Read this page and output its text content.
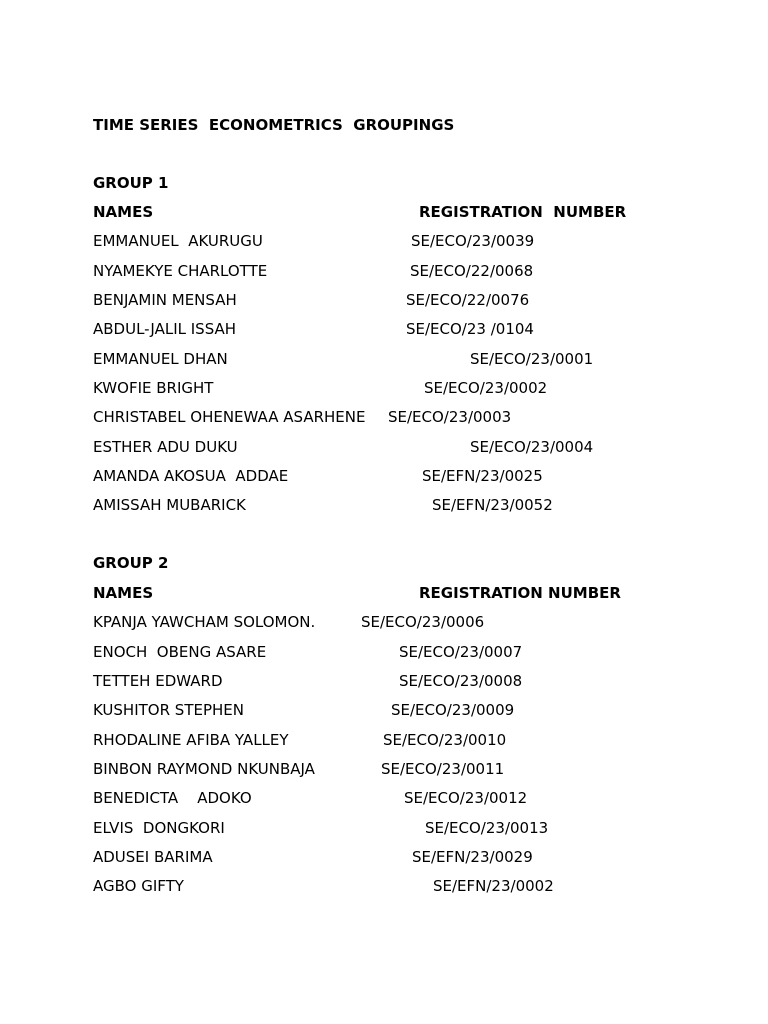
TIME SERIES  ECONOMETRICS  GROUPINGS
GROUP 1
NAMES	REGISTRATION  NUMBER
EMMANUEL  AKURUGU	SE/ECO/23/0039
NYAMEKYE CHARLOTTE	SE/ECO/22/0068
BENJAMIN MENSAH	SE/ECO/22/0076
ABDUL-JALIL ISSAH	SE/ECO/23 /0104
EMMANUEL DHAN	SE/ECO/23/0001
KWOFIE BRIGHT	SE/ECO/23/0002
CHRISTABEL OHENEWAA ASARHENE SE/ECO/23/0003
ESTHER ADU DUKU	SE/ECO/23/0004
AMANDA AKOSUA  ADDAE	SE/EFN/23/0025
AMISSAH MUBARICK	SE/EFN/23/0052
GROUP 2
NAMES	REGISTRATION NUMBER
KPANJA YAWCHAM SOLOMON.	SE/ECO/23/0006
ENOCH  OBENG ASARE	SE/ECO/23/0007
TETTEH EDWARD	SE/ECO/23/0008
KUSHITOR STEPHEN	SE/ECO/23/0009
RHODALINE AFIBA YALLEY	SE/ECO/23/0010
BINBON RAYMOND NKUNBAJA	SE/ECO/23/0011
BENEDICTA    ADOKO	SE/ECO/23/0012
ELVIS  DONGKORI	SE/ECO/23/0013
ADUSEI BARIMA	SE/EFN/23/0029
AGBO GIFTY	SE/EFN/23/0002
